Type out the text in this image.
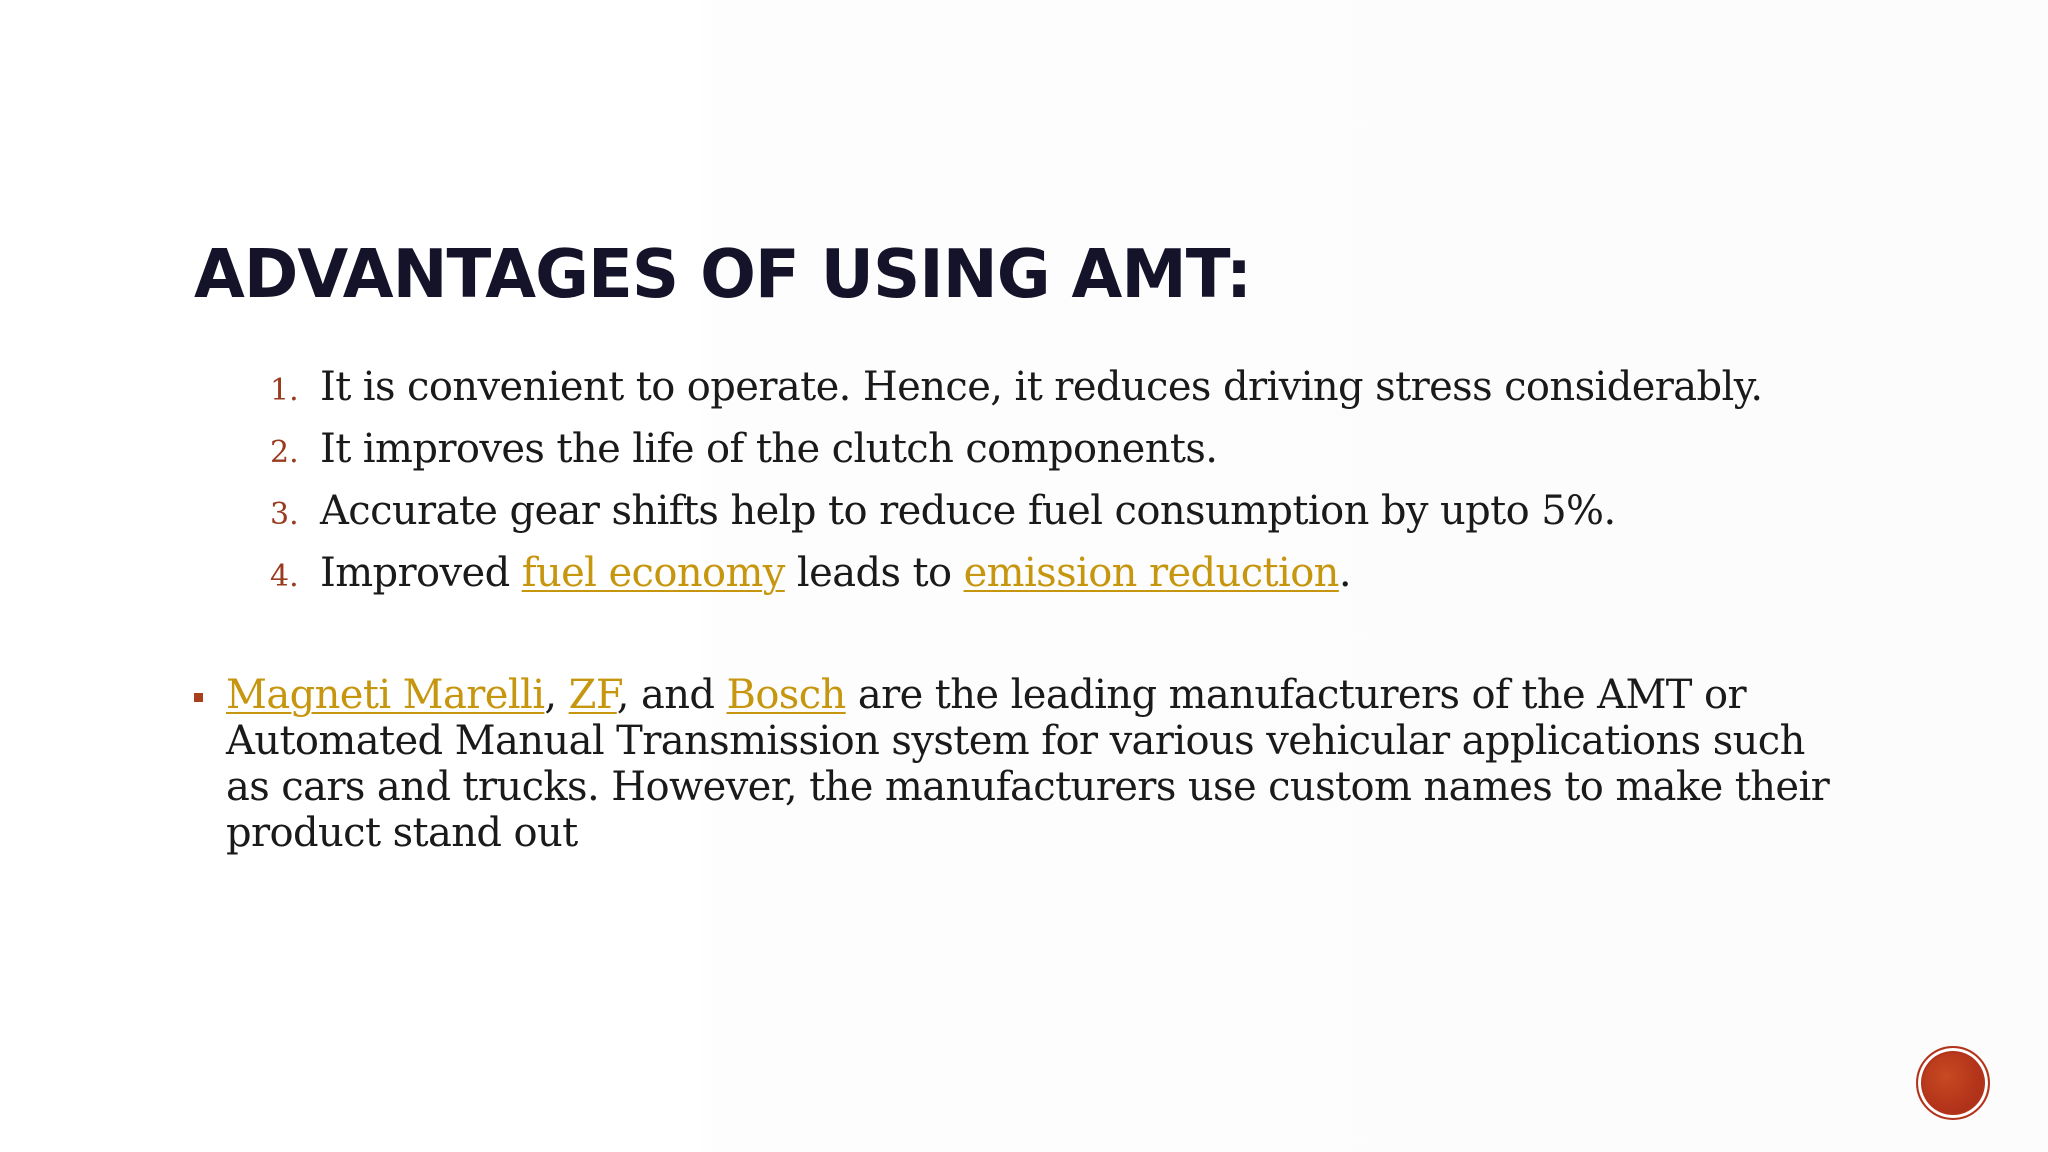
ADVANTAGES OF USING AMT:
1. It is convenient to operate. Hence, it reduces driving stress considerably.
2. It improves the life of the clutch components.
3. Accurate gear shifts help to reduce fuel consumption by upto 5%.
4. Improved fuel economy leads to emission reduction.
Magneti Marelli, ZF, and Bosch are the leading manufacturers of the AMT or Automated Manual Transmission system for various vehicular applications such as cars and trucks. However, the manufacturers use custom names to make their product stand out
